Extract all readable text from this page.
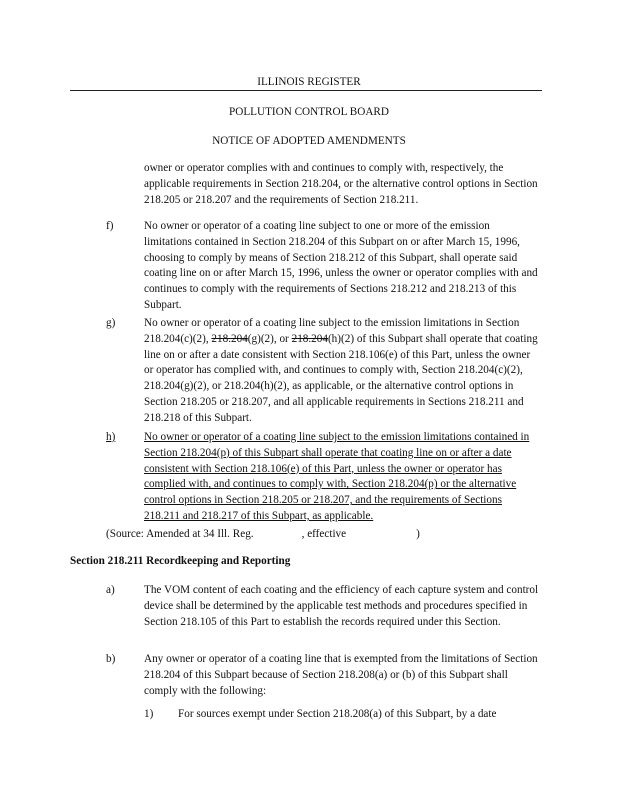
ILLINOIS REGISTER
POLLUTION CONTROL BOARD
NOTICE OF ADOPTED AMENDMENTS
owner or operator complies with and continues to comply with, respectively, the applicable requirements in Section 218.204, or the alternative control options in Section 218.205 or 218.207 and the requirements of Section 218.211.
f)	No owner or operator of a coating line subject to one or more of the emission limitations contained in Section 218.204 of this Subpart on or after March 15, 1996, choosing to comply by means of Section 218.212 of this Subpart, shall operate said coating line on or after March 15, 1996, unless the owner or operator complies with and continues to comply with the requirements of Sections 218.212 and 218.213 of this Subpart.
g)	No owner or operator of a coating line subject to the emission limitations in Section 218.204(c)(2), 218.204(g)(2), or 218.204(h)(2) of this Subpart shall operate that coating line on or after a date consistent with Section 218.106(e) of this Part, unless the owner or operator has complied with, and continues to comply with, Section 218.204(c)(2), 218.204(g)(2), or 218.204(h)(2), as applicable, or the alternative control options in Section 218.205 or 218.207, and all applicable requirements in Sections 218.211 and 218.218 of this Subpart.
h)	No owner or operator of a coating line subject to the emission limitations contained in Section 218.204(p) of this Subpart shall operate that coating line on or after a date consistent with Section 218.106(e) of this Part, unless the owner or operator has complied with, and continues to comply with, Section 218.204(p) or the alternative control options in Section 218.205 or 218.207, and the requirements of Sections 218.211 and 218.217 of this Subpart, as applicable.
(Source: Amended at 34 Ill. Reg.	, effective	)
Section 218.211 Recordkeeping and Reporting
a)	The VOM content of each coating and the efficiency of each capture system and control device shall be determined by the applicable test methods and procedures specified in Section 218.105 of this Part to establish the records required under this Section.
b)	Any owner or operator of a coating line that is exempted from the limitations of Section 218.204 of this Subpart because of Section 218.208(a) or (b) of this Subpart shall comply with the following:
1) For sources exempt under Section 218.208(a) of this Subpart, by a date
